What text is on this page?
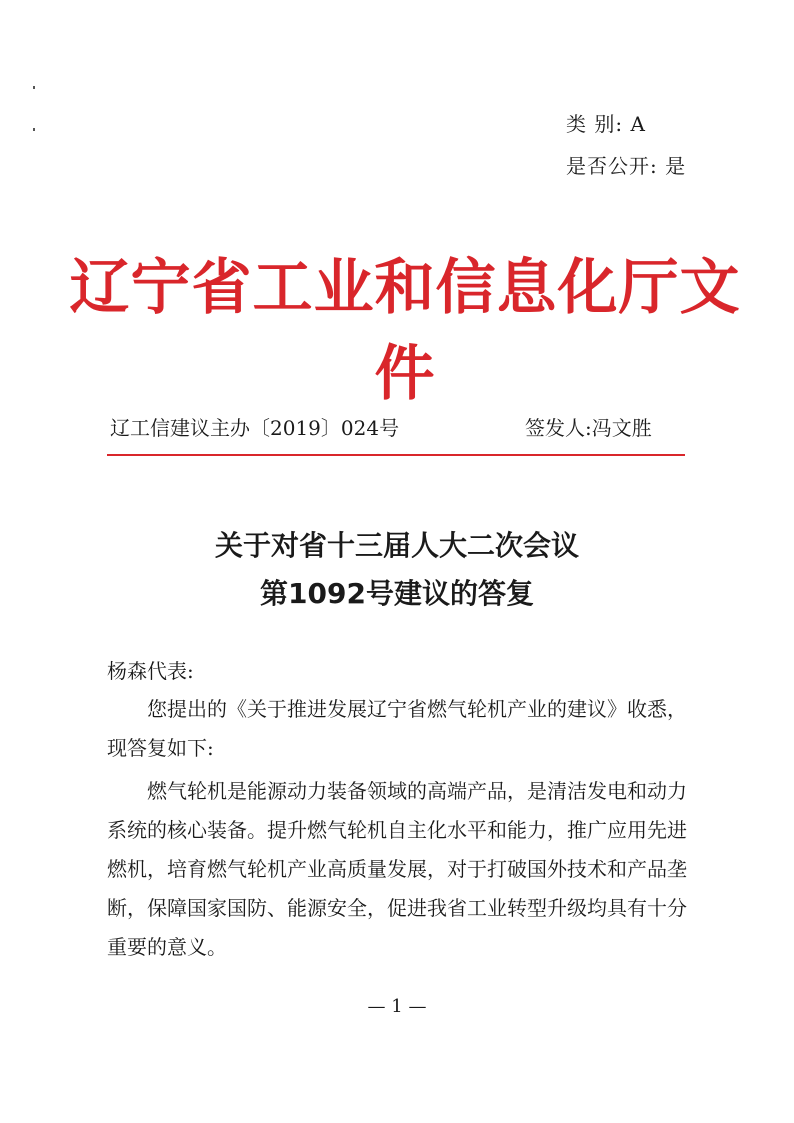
类 别: A
是否公开: 是
辽宁省工业和信息化厅文件
辽工信建议主办〔2019〕024号	签发人:冯文胜
关于对省十三届人大二次会议
第1092号建议的答复
杨森代表:
　　您提出的《关于推进发展辽宁省燃气轮机产业的建议》收悉，现答复如下:
　　燃气轮机是能源动力装备领域的高端产品，是清洁发电和动力系统的核心装备。提升燃气轮机自主化水平和能力，推广应用先进燃机，培育燃气轮机产业高质量发展，对于打破国外技术和产品垄断，保障国家国防、能源安全，促进我省工业转型升级均具有十分重要的意义。
— 1 —
